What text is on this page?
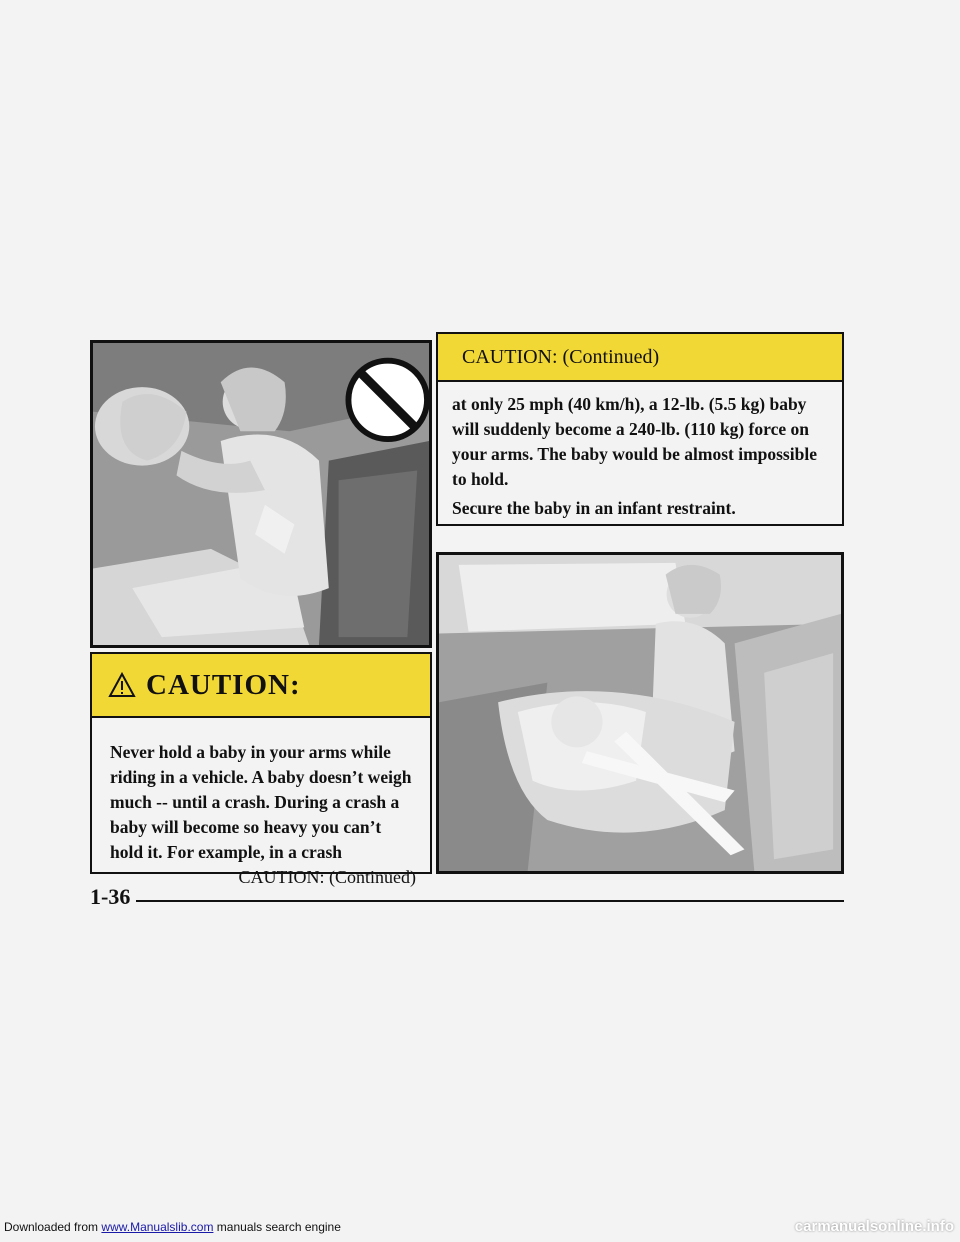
CAUTION:
Never hold a baby in your arms while riding in a vehicle. A baby doesn’t weigh much -- until a crash. During a crash a baby will become so heavy you can’t hold it. For example, in a crash
CAUTION: (Continued)
CAUTION: (Continued)
at only 25 mph (40 km/h), a 12-lb. (5.5 kg) baby will suddenly become a 240-lb. (110 kg) force on your arms. The baby would be almost impossible to hold.
Secure the baby in an infant restraint.
1-36
Downloaded from www.Manualslib.com manuals search engine	carmanualsonline.info
